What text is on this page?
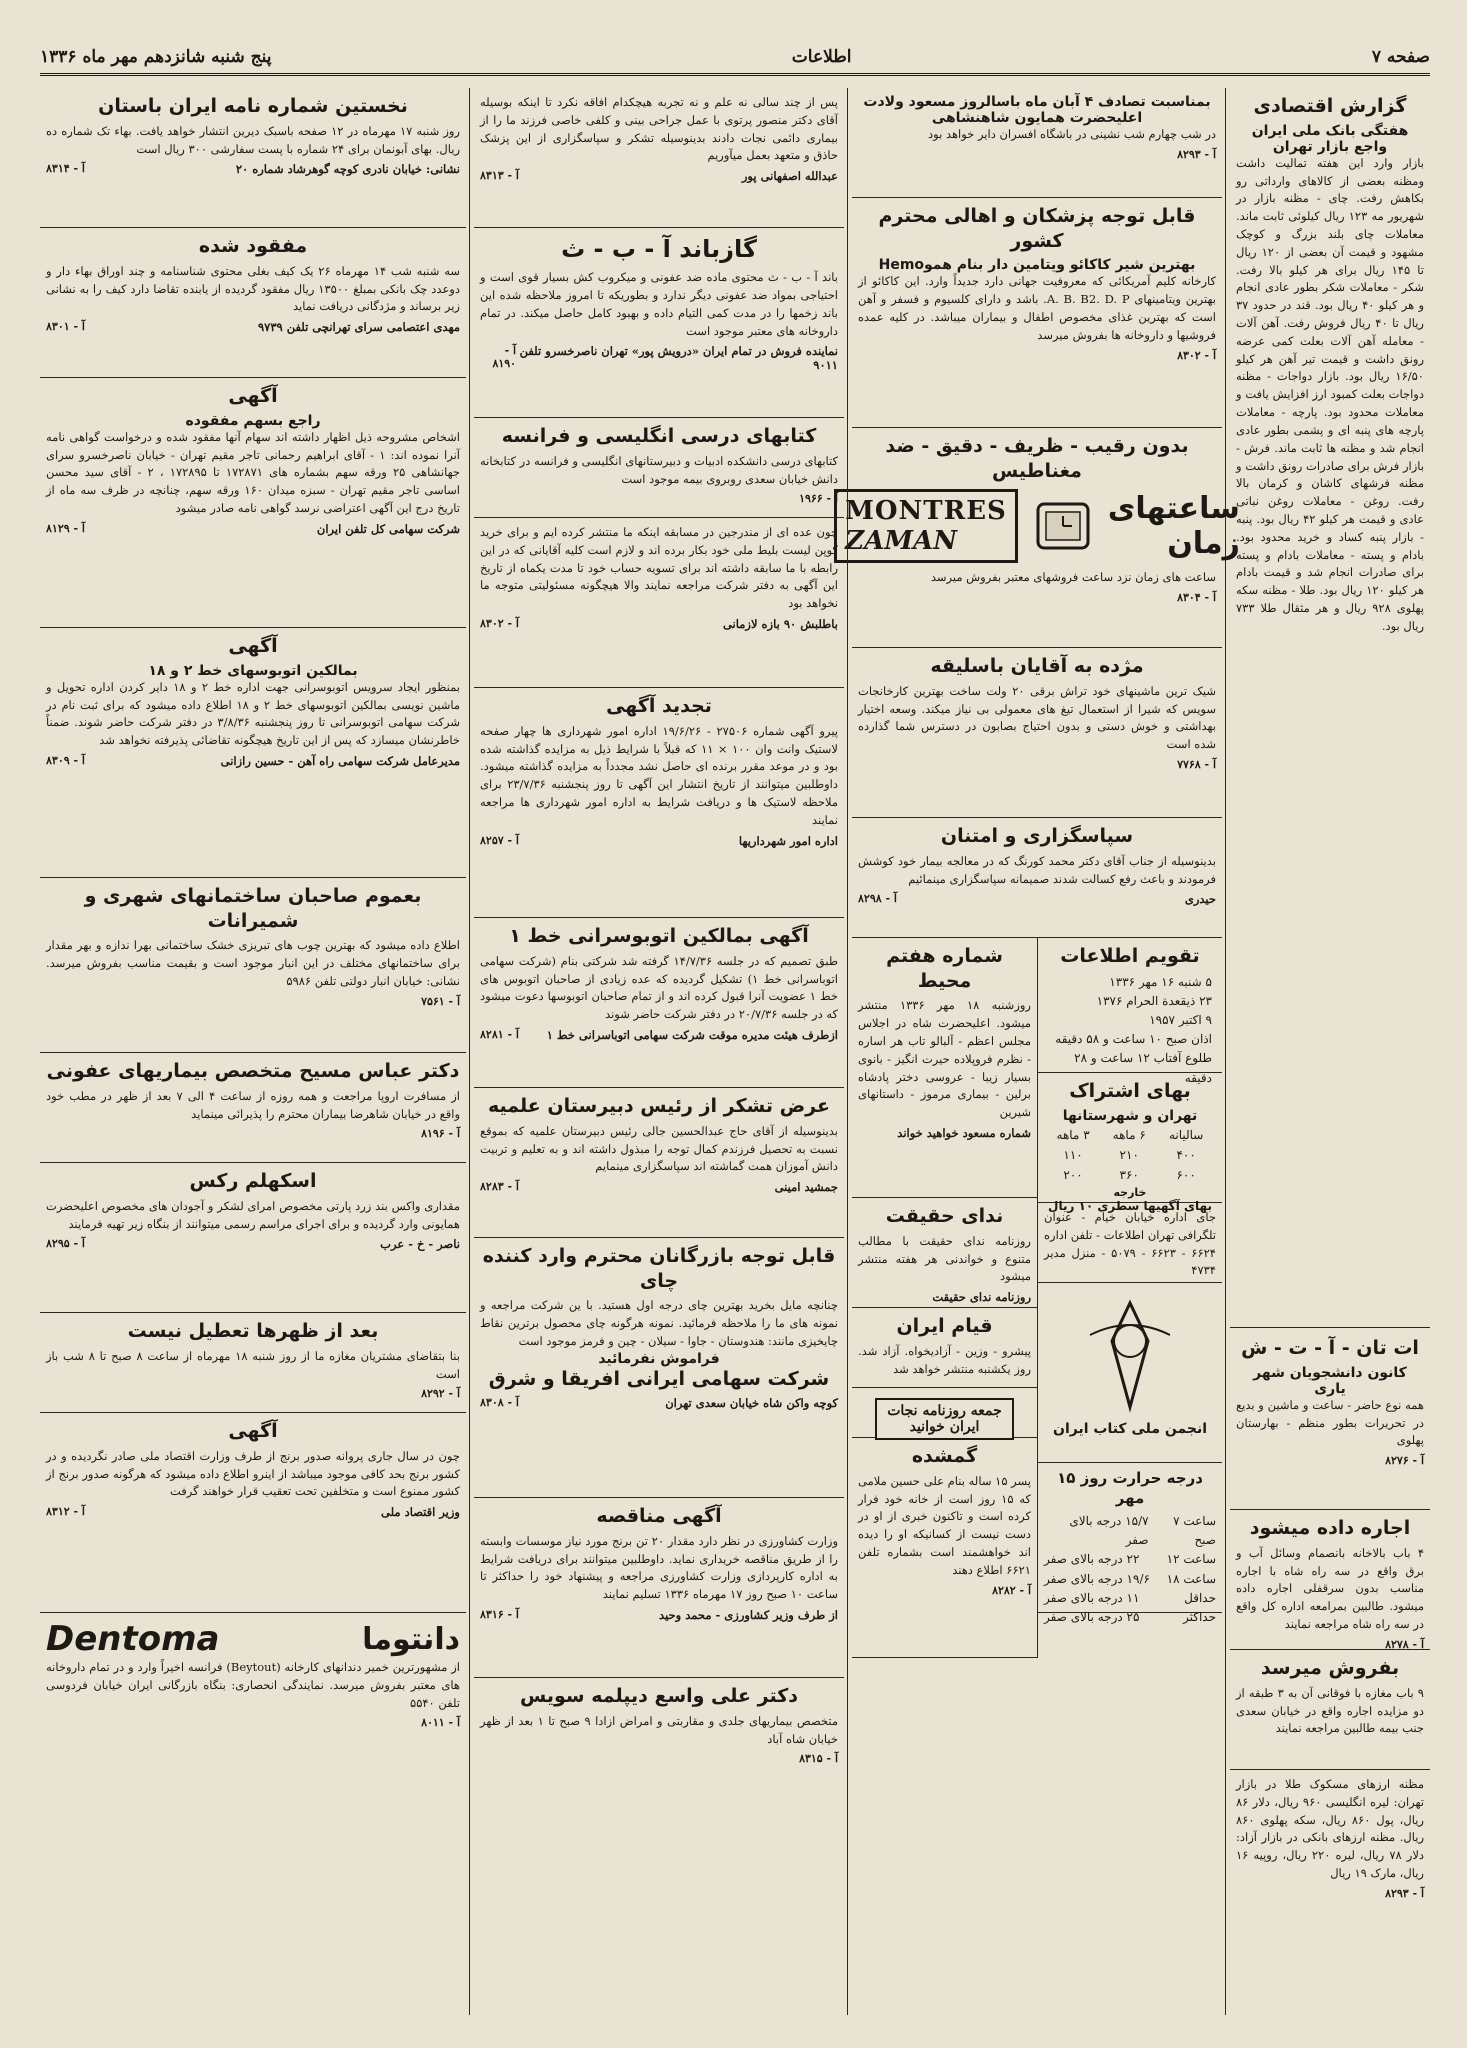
صفحه ۷
اطلاعات
پنج شنبه شانزدهم مهر ماه ۱۳۳۶
گزارش اقتصادی
هفتگی بانک ملی ایران واجع بازار تهران

بازار وارد این هفته تمالیت داشت ومظنه بعضی از کالاهای وارداتی رو بکاهش رفت. چای - مظنه بازار در شهریور مه ۱۲۳ ریال کیلوئی ثابت ماند. معاملات چای بلند بزرگ و کوچک مشهود و قیمت آن بعضی از ۱۲۰ ریال تا ۱۴۵ ریال برای هر کیلو بالا رفت. شکر - معاملات شکر بطور عادی انجام و هر کیلو ۴۰ ریال بود. قند در حدود ۳۷ ریال تا ۴۰ ریال فروش رفت. آهن آلات - معامله آهن آلات بعلت کمی عرضه رونق داشت و قیمت تیر آهن هر کیلو ۱۶/۵۰ ریال بود. بازار دواجات - مظنه دواجات بعلت کمبود ارز افزایش یافت و معاملات محدود بود. پارچه - معاملات پارچه های پنبه ای و پشمی بطور عادی انجام شد و مظنه ها ثابت ماند. فرش - بازار فرش برای صادرات رونق داشت و مظنه فرشهای کاشان و کرمان بالا رفت. روغن - معاملات روغن نباتی عادی و قیمت هر کیلو ۴۲ ریال بود. پنبه - بازار پنبه کساد و خرید محدود بود. بادام و پسته - معاملات بادام و پسته برای صادرات انجام شد و قیمت بادام هر کیلو ۱۲۰ ریال بود. طلا - مظنه سکه پهلوی ۹۲۸ ریال و هر مثقال طلا ۷۳۳ ریال بود.

بمناسبت تصادف ۴ آبان ماه باسالروز مسعود ولادت اعلیحضرت همایون شاهنشاهی

در شب چهارم شب نشینی در باشگاه افسران دایر خواهد بود

آ - ۸۲۹۳
قابل توجه پزشکان و اهالی محترم کشور
بهترین شیر کاکائو ویتامین دار بنام هموHemo

کارخانه کلیم آمریکائی که معروفیت جهانی دارد جدیداً وارد. این کاکائو از بهترین ویتامینهای A. B. B2. D. P. باشد و دارای کلسیوم و فسفر و آهن است که بهترین غذای مخصوص اطفال و بیماران میباشد. در کلیه عمده فروشیها و داروخانه ها بفروش میرسد

آ - ۸۳۰۲
بدون رقیب - ظریف - دقیق - ضد مغناطیس
ساعتهای زمان
MONTRES
ZAMAN

ساعت های زمان نزد ساعت فروشهای معتبر بفروش میرسد

آ - ۸۳۰۴
مژده به آقایان باسلیقه

شیک ترین ماشینهای خود تراش برقی ۲۰ ولت ساخت بهترین کارخانجات سویس که شیرا از استعمال تیغ های معمولی بی نیاز میکند. وسعه اختیار بهداشتی و خوش دستی و بدون احتیاج بصابون در دسترس شما گذارده شده است

آ - ۷۷۶۸
سپاسگزاری و امتنان

بدینوسیله از جناب آقای دکتر محمد کورنگ که در معالجه بیمار خود کوشش فرمودند و باعث رفع کسالت شدند صمیمانه سپاسگزاری مینمائیم

حیدری
آ - ۸۲۹۸
تقویم اطلاعات
۵ شنبه ۱۶ مهر ۱۳۳۶
۲۳ ذیقعدة الحرام ۱۳۷۶
۹ اکتبر ۱۹۵۷
اذان صبح ۱۰ ساعت و ۵۸ دقیقه
طلوع آفتاب ۱۲ ساعت و ۲۸ دقیقه
بهای اشتراک
تهران و شهرستانها
سالیانه	۶ ماهه	۳ ماهه
۴۰۰	۲۱۰	۱۱۰
۶۰۰	۳۶۰	۲۰۰
خارجه
بهای آگهیها سطری ۱۰ ریال

جای اداره خیابان خیام - عنوان تلگرافی تهران اطلاعات - تلفن اداره ۶۶۲۴ - ۶۶۲۳ - ۵۰۷۹ - منزل مدیر ۴۷۳۴

انجمن ملی کتاب ایران
درجه حرارت روز ۱۵ مهر
ساعت ۷ صبح
۱۵/۷ درجه بالای صفر
ساعت ۱۲
۲۲ درجه بالای صفر
ساعت ۱۸
۱۹/۶ درجه بالای صفر
حداقل
۱۱ درجه بالای صفر
حداکثر
۲۵ درجه بالای صفر
شماره هفتم محیط

روزشنبه ۱۸ مهر ۱۳۳۶ منتشر میشود. اعلیحضرت شاه در اجلاس مجلس اعظم - آلبالو تاب هر اساره - نظرم فروپلاده حیرت انگیز - بانوی بسیار زیبا - عروسی دختر پادشاه برلین - بیماری مرموز - داستانهای شیرین

شماره مسعود خواهید خواند
ندای حقیقت

روزنامه ندای حقیقت با مطالب متنوع و خواندنی هر هفته منتشر میشود

روزنامه ندای حقیقت
قیام ایران

پیشرو - وزین - آزادیخواه. آزاد شد. روز یکشنبه منتشر خواهد شد

جمعه روزنامه نجات ایران خوانید
گمشده

پسر ۱۵ ساله بنام علی حسین ملامی که ۱۵ روز است از خانه خود فرار کرده است و تاکنون خبری از او در دست نیست از کسانیکه او را دیده اند خواهشمند است بشماره تلفن ۶۶۲۱ اطلاع دهند

آ - ۸۲۸۲

پس از چند سالی نه علم و نه تجربه هیچکدام افاقه نکرد تا اینکه بوسیله آقای دکتر منصور پرتوی با عمل جراحی بینی و کلفی خاصی فرزند ما را از بیماری دائمی نجات دادند بدینوسیله تشکر و سپاسگزاری از این پزشک حاذق و متعهد بعمل میآوریم

عبدالله اصفهانی پور
آ - ۸۳۱۳
گازباند آ - ب - ث

باند آ - ب - ث محتوی ماده ضد عفونی و میکروب کش بسیار قوی است و احتیاجی بمواد ضد عفونی دیگر ندارد و بطوریکه تا امروز ملاحظه شده این باند زخمها را در مدت کمی التیام داده و بهبود کامل حاصل میکند. در تمام داروخانه های معتبر موجود است

نماینده فروش در تمام ایران «درویش پور» تهران ناصرخسرو تلفن ۹۰۱۱
آ - ۸۱۹۰
کتابهای درسی انگلیسی و فرانسه

کتابهای درسی دانشکده ادبیات و دبیرستانهای انگلیسی و فرانسه در کتابخانه دانش خیابان سعدی روبروی بیمه موجود است

آ - ۱۹۶۶

چون عده ای از مندرجین در مسابقه اینکه ما منتشر کرده ایم و برای خرید کوپن لیست بلیط ملی خود بکار برده اند و لازم است کلیه آقایانی که در این رابطه با ما سابقه داشته اند برای تسویه حساب خود تا مدت یکماه از تاریخ این آگهی به دفتر شرکت مراجعه نمایند والا هیچگونه مسئولیتی متوجه ما نخواهد بود

باطلبش ۹۰ بازه لازمانی
آ - ۸۳۰۲
تجدید آگهی

پیرو آگهی شماره ۲۷۵۰۶ - ۱۹/۶/۲۶ اداره امور شهرداری ها چهار صفحه لاستیک وانت وان ۱۰۰ × ۱۱ که قبلاً با شرایط ذیل به مزایده گذاشته شده بود و در موعد مقرر برنده ای حاصل نشد مجدداً به مزایده گذاشته میشود. داوطلبین میتوانند از تاریخ انتشار این آگهی تا روز پنجشنبه ۲۳/۷/۳۶ برای ملاحظه لاستیک ها و دریافت شرایط به اداره امور شهرداری ها مراجعه نمایند

اداره امور شهرداریها
آ - ۸۲۵۷
آگهی بمالکین اتوبوسرانی خط ۱

طبق تصمیم که در جلسه ۱۴/۷/۳۶ گرفته شد شرکتی بنام (شرکت سهامی اتوباسرانی خط ۱) تشکیل گردیده که عده زیادی از صاحبان اتوبوس های خط ۱ عضویت آنرا قبول کرده اند و از تمام صاحبان اتوبوسها دعوت میشود که در جلسه ۲۰/۷/۳۶ در دفتر شرکت حاضر شوند

ازطرف هیئت مدیره موقت شرکت سهامی اتوباسرانی خط ۱
آ - ۸۲۸۱
عرض تشکر از رئیس دبیرستان علمیه

بدینوسیله از آقای حاج عبدالحسین جالی رئیس دبیرستان علمیه که بموقع نسبت به تحصیل فرزندم کمال توجه را مبذول داشته اند و به تعلیم و تربیت دانش آموزان همت گماشته اند سپاسگزاری مینمایم

جمشید امینی
آ - ۸۲۸۳
قابل توجه بازرگانان محترم وارد کننده چای

چنانچه مایل بخرید بهترین چای درجه اول هستید. با ین شرکت مراجعه و نمونه های ما را ملاحظه فرمائید. نمونه هرگونه چای محصول برترین نقاط چایخیزی مانند: هندوستان - جاوا - سیلان - چین و فرمز موجود است

فراموش نفرمائید
شرکت سهامی ایرانی افریقا و شرق
کوچه واکن شاه خیابان سعدی تهران
آ - ۸۳۰۸
آگهی مناقصه

وزارت کشاورزی در نظر دارد مقدار ۲۰ تن برنج مورد نیاز موسسات وابسته را از طریق مناقصه خریداری نماید. داوطلبین میتوانند برای دریافت شرایط به اداره کارپردازی وزارت کشاورزی مراجعه و پیشنهاد خود را حداکثر تا ساعت ۱۰ صبح روز ۱۷ مهرماه ۱۳۳۶ تسلیم نمایند

از طرف وزیر کشاورزی - محمد وحید
آ - ۸۳۱۶
دکتر علی واسع دیپلمه سویس

متخصص بیماریهای جلدی و مقاربتی و امراض ازادا ۹ صبح تا ۱ بعد از ظهر خیابان شاه آباد

آ - ۸۳۱۵
نخستین شماره نامه ایران باستان

روز شنبه ۱۷ مهرماه در ۱۲ صفحه باسبک دیرین انتشار خواهد یافت. بهاء تک شماره ده ریال. بهای آبونمان برای ۲۴ شماره با پست سفارشی ۳۰۰ ریال است

نشانی: خیابان نادری کوچه گوهرشاد شماره ۲۰
آ - ۸۳۱۴
مفقود شده

سه شنبه شب ۱۴ مهرماه ۲۶ یک کیف بغلی محتوی شناسنامه و چند اوراق بهاء دار و دوعدد چک بانکی بمبلغ ۱۳۵۰۰ ریال مفقود گردیده از یابنده تقاضا دارد کیف را به نشانی زیر برساند و مژدگانی دریافت نماید

مهدی اعتصامی سرای تهرانچی تلفن ۹۷۳۹
آ - ۸۳۰۱
آگهی
راجع بسهم مفقوده

اشخاص مشروحه ذیل اظهار داشته اند سهام آنها مفقود شده و درخواست گواهی نامه آنرا نموده اند: ۱ - آقای ابراهیم رحمانی تاجر مقیم تهران - خیابان ناصرخسرو سرای جهانشاهی ۲۵ ورقه سهم بشماره های ۱۷۲۸۷۱ تا ۱۷۲۸۹۵ ، ۲ - آقای سید محسن اساسی تاجر مقیم تهران - سبزه میدان ۱۶۰ ورقه سهم، چنانچه در ظرف سه ماه از تاریخ درج این آگهی اعتراضی نرسد گواهی نامه صادر میشود

شرکت سهامی کل تلفن ایران
آ - ۸۱۲۹
آگهی
بمالکین اتوبوسهای خط ۲ و ۱۸

بمنظور ایجاد سرویس اتوبوسرانی جهت اداره خط ۲ و ۱۸ دایر کردن اداره تحویل و ماشین نویسی بمالکین اتوبوسهای خط ۲ و ۱۸ اطلاع داده میشود که برای ثبت نام در شرکت سهامی اتوبوسرانی تا روز پنجشنبه ۳/۸/۳۶ در دفتر شرکت حاضر شوند. ضمناً خاطرنشان میسازد که پس از این تاریخ هیچگونه تقاضائی پذیرفته نخواهد شد

مدیرعامل شرکت سهامی راه آهن - حسین رازانی
آ - ۸۳۰۹
بعموم صاحبان ساختمانهای شهری و شمیرانات

اطلاع داده میشود که بهترین چوب های تبریزی خشک ساختمانی بهرا ندازه و بهر مقدار برای ساختمانهای مختلف در این انبار موجود است و بقیمت مناسب بفروش میرسد. نشانی: خیابان انبار دولتی تلفن ۵۹۸۶

آ - ۷۵۶۱
دکتر عباس مسیح متخصص بیماریهای عفونی

از مسافرت اروپا مراجعت و همه روزه از ساعت ۴ الی ۷ بعد از ظهر در مطب خود واقع در خیابان شاهرضا بیماران محترم را پذیرائی مینماید

آ - ۸۱۹۶
اسکهلم رکس

مقداری واکس بند زرد پارتی مخصوص امرای لشکر و آجودان های مخصوص اعلیحضرت همایونی وارد گردیده و برای اجرای مراسم رسمی میتوانند از بنگاه زیر تهیه فرمایند

ناصر - خ - عرب
آ - ۸۲۹۵
بعد از ظهرها تعطیل نیست

بنا بتقاضای مشتریان مغازه ما از روز شنبه ۱۸ مهرماه از ساعت ۸ صبح تا ۸ شب باز است

آ - ۸۲۹۲
آگهی

چون در سال جاری پروانه صدور برنج از طرف وزارت اقتصاد ملی صادر نگردیده و در کشور برنج بحد کافی موجود میباشد از اینرو اطلاع داده میشود که هرگونه صدور برنج از کشور ممنوع است و متخلفین تحت تعقیب قرار خواهند گرفت

وزیر اقتصاد ملی
آ - ۸۳۱۲
دانتوما
Dentoma

از مشهورترین خمیر دندانهای کارخانه (Beytout) فرانسه اخیراً وارد و در تمام داروخانه های معتبر بفروش میرسد. نمایندگی انحصاری: بنگاه بازرگانی ایران خیابان فردوسی تلفن ۵۵۴۰

آ - ۸۰۱۱
ات تان - آ - ت - ش
کانون دانشجویان شهر یاری

همه نوع حاضر - ساعت و ماشین و بدیع در تحریرات بطور منظم - بهارستان پهلوی

آ - ۸۲۷۶
اجاره داده میشود

۴ باب بالاخانه بانصمام وسائل آب و برق واقع در سه راه شاه با اجاره مناسب بدون سرقفلی اجاره داده میشود. طالبین بمرامعه اداره کل واقع در سه راه شاه مراجعه نمایند

آ - ۸۲۷۸
بفروش میرسد

۹ باب مغازه با فوقانی آن به ۳ طبقه از دو مزایده اجاره واقع در خیابان سعدی جنب بیمه طالبین مراجعه نمایند

مظنه ارزهای مسکوک طلا در بازار تهران: لیره انگلیسی ۹۶۰ ریال، دلار ۸۶ ریال، پول ۸۶۰ ریال، سکه پهلوی ۸۶۰ ریال. مظنه ارزهای بانکی در بازار آزاد: دلار ۷۸ ریال، لیره ۲۲۰ ریال، روپیه ۱۶ ریال، مارک ۱۹ ریال

آ - ۸۲۹۳
